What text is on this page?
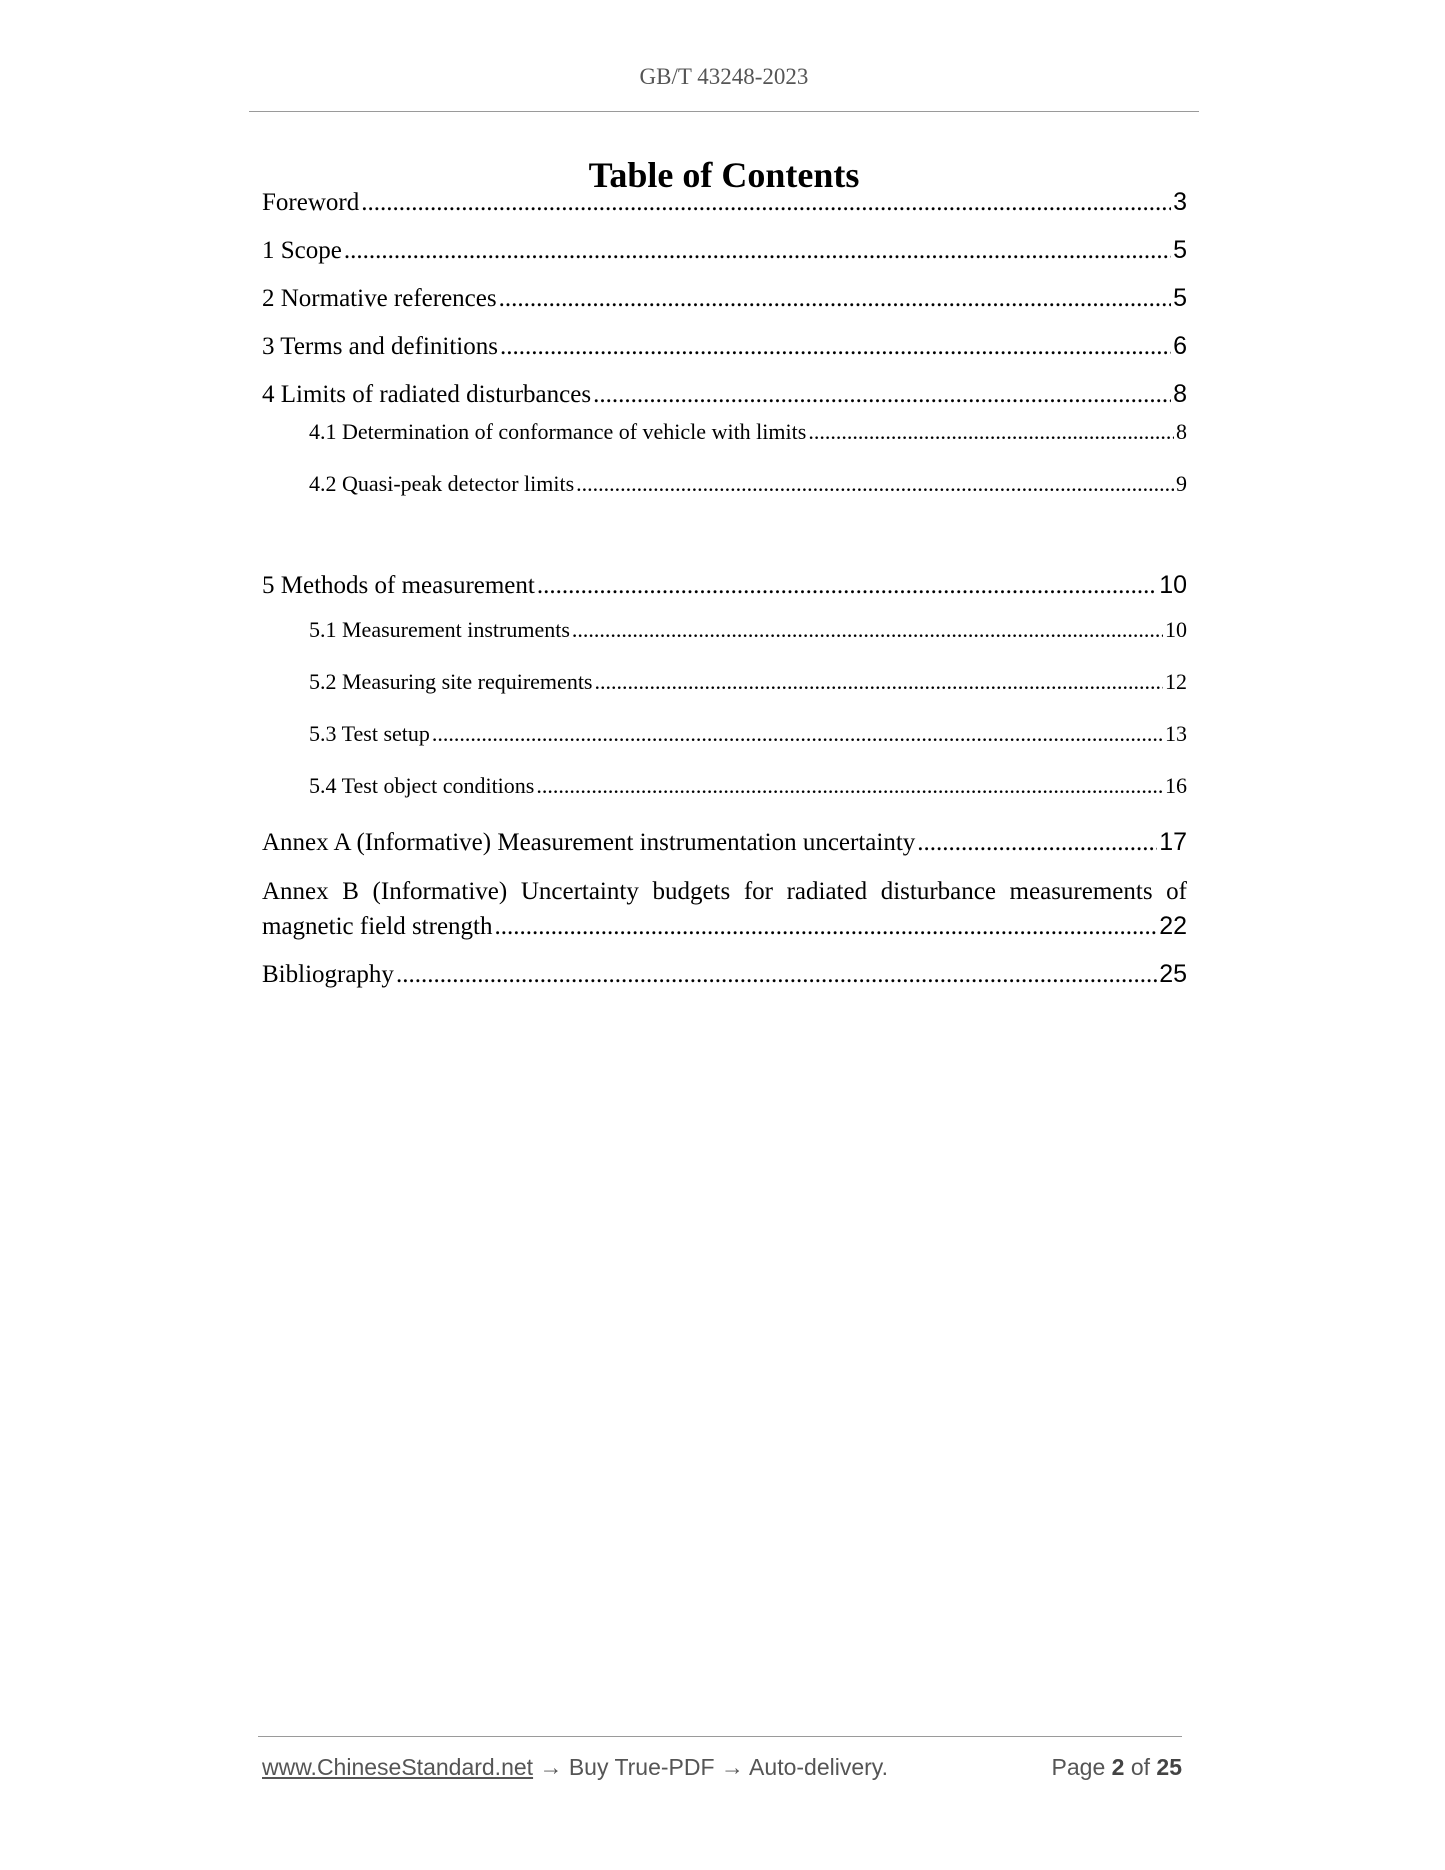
GB/T 43248-2023
Table of Contents
Foreword .....	3
1 Scope .....	5
2 Normative references .....	5
3 Terms and definitions .....	6
4 Limits of radiated disturbances .....	8
4.1 Determination of conformance of vehicle with limits .....	8
4.2 Quasi-peak detector limits .....	9
5 Methods of measurement .....	10
5.1 Measurement instruments .....	10
5.2 Measuring site requirements .....	12
5.3 Test setup .....	13
5.4 Test object conditions .....	16
Annex A (Informative) Measurement instrumentation uncertainty .....	17
Annex B (Informative) Uncertainty budgets for radiated disturbance measurements of
magnetic field strength .....	22
Bibliography .....	25
www.ChineseStandard.net → Buy True-PDF → Auto-delivery.	Page 2 of 25
